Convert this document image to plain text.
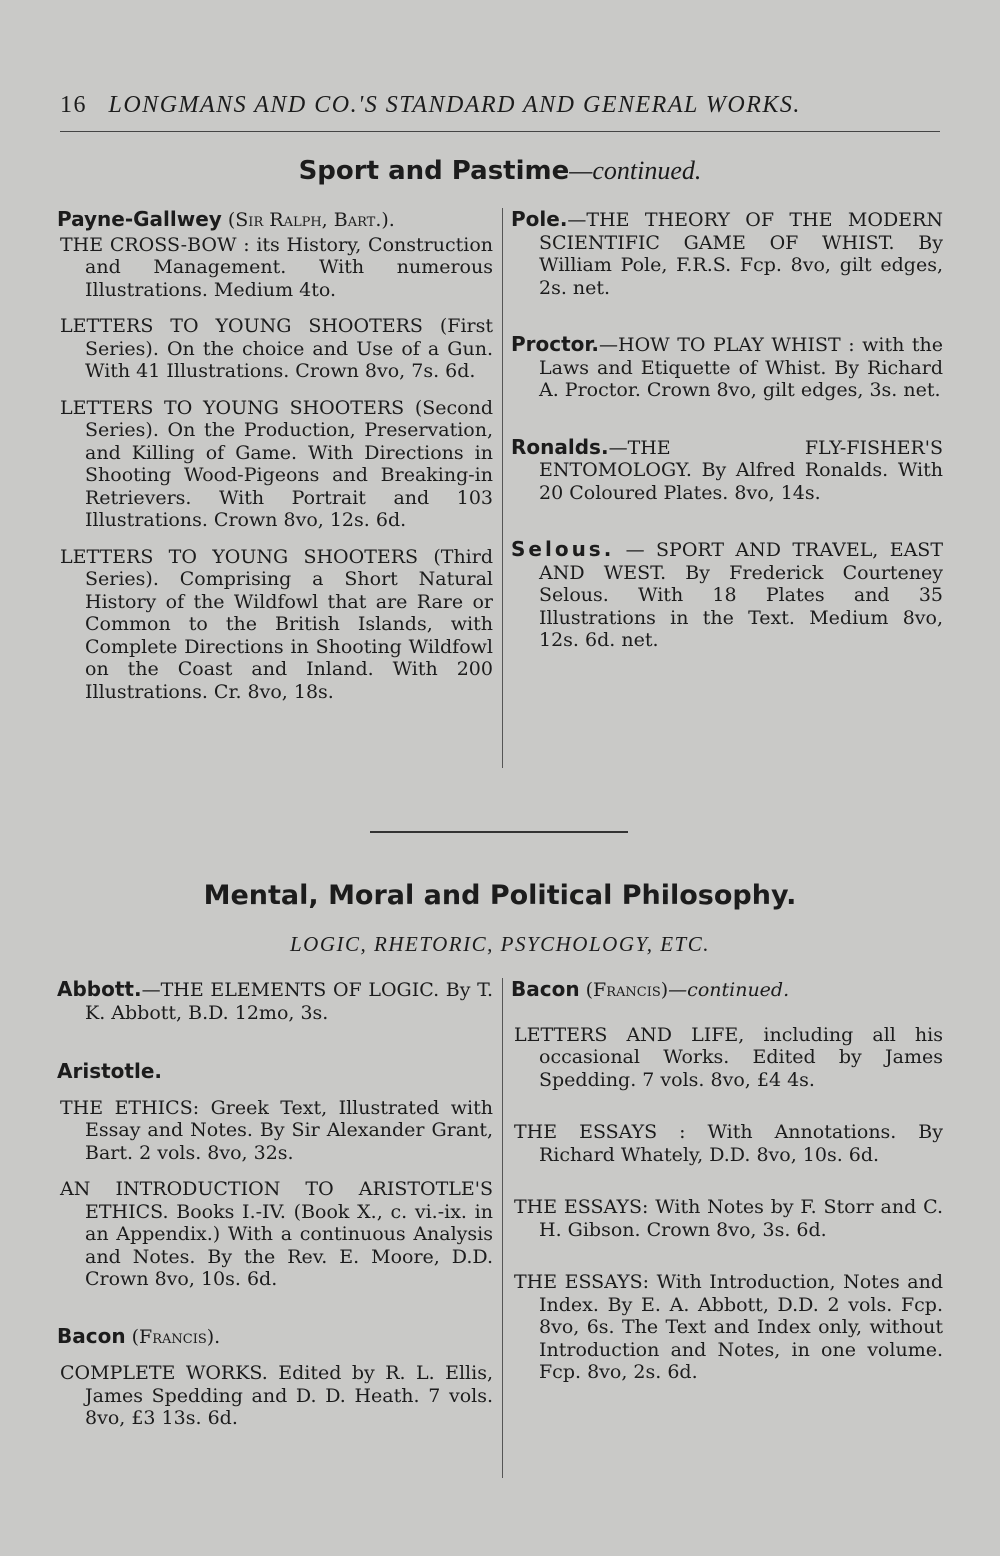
16 LONGMANS AND CO.'S STANDARD AND GENERAL WORKS.
Sport and Pastime—continued.
Payne-Gallwey (Sir Ralph, Bart.).
THE CROSS-BOW : its History, Construction and Management. With numerous Illustrations. Medium 4to.
LETTERS TO YOUNG SHOOTERS (First Series). On the choice and Use of a Gun. With 41 Illustrations. Crown 8vo, 7s. 6d.
LETTERS TO YOUNG SHOOTERS (Second Series). On the Production, Preservation, and Killing of Game. With Directions in Shooting Wood-Pigeons and Breaking-in Retrievers. With Portrait and 103 Illustrations. Crown 8vo, 12s. 6d.
LETTERS TO YOUNG SHOOTERS (Third Series). Comprising a Short Natural History of the Wildfowl that are Rare or Common to the British Islands, with Complete Directions in Shooting Wildfowl on the Coast and Inland. With 200 Illustrations. Cr. 8vo, 18s.
Pole.—THE THEORY OF THE MODERN SCIENTIFIC GAME OF WHIST. By William Pole, F.R.S. Fcp. 8vo, gilt edges, 2s. net.
Proctor.—HOW TO PLAY WHIST : with the Laws and Etiquette of Whist. By Richard A. Proctor. Crown 8vo, gilt edges, 3s. net.
Ronalds.—THE FLY-FISHER'S ENTOMOLOGY. By Alfred Ronalds. With 20 Coloured Plates. 8vo, 14s.
Selous. — SPORT AND TRAVEL, EAST AND WEST. By Frederick Courteney Selous. With 18 Plates and 35 Illustrations in the Text. Medium 8vo, 12s. 6d. net.
Mental, Moral and Political Philosophy.
LOGIC, RHETORIC, PSYCHOLOGY, ETC.
Abbott.—THE ELEMENTS OF LOGIC. By T. K. Abbott, B.D. 12mo, 3s.
Aristotle.
THE ETHICS: Greek Text, Illustrated with Essay and Notes. By Sir Alexander Grant, Bart. 2 vols. 8vo, 32s.
AN INTRODUCTION TO ARISTOTLE'S ETHICS. Books I.-IV. (Book X., c. vi.-ix. in an Appendix.) With a continuous Analysis and Notes. By the Rev. E. Moore, D.D. Crown 8vo, 10s. 6d.
Bacon (Francis).
COMPLETE WORKS. Edited by R. L. Ellis, James Spedding and D. D. Heath. 7 vols. 8vo, £3 13s. 6d.
Bacon (Francis)—continued.
LETTERS AND LIFE, including all his occasional Works. Edited by James Spedding. 7 vols. 8vo, £4 4s.
THE ESSAYS : With Annotations. By Richard Whately, D.D. 8vo, 10s. 6d.
THE ESSAYS: With Notes by F. Storr and C. H. Gibson. Crown 8vo, 3s. 6d.
THE ESSAYS: With Introduction, Notes and Index. By E. A. Abbott, D.D. 2 vols. Fcp. 8vo, 6s. The Text and Index only, without Introduction and Notes, in one volume. Fcp. 8vo, 2s. 6d.
